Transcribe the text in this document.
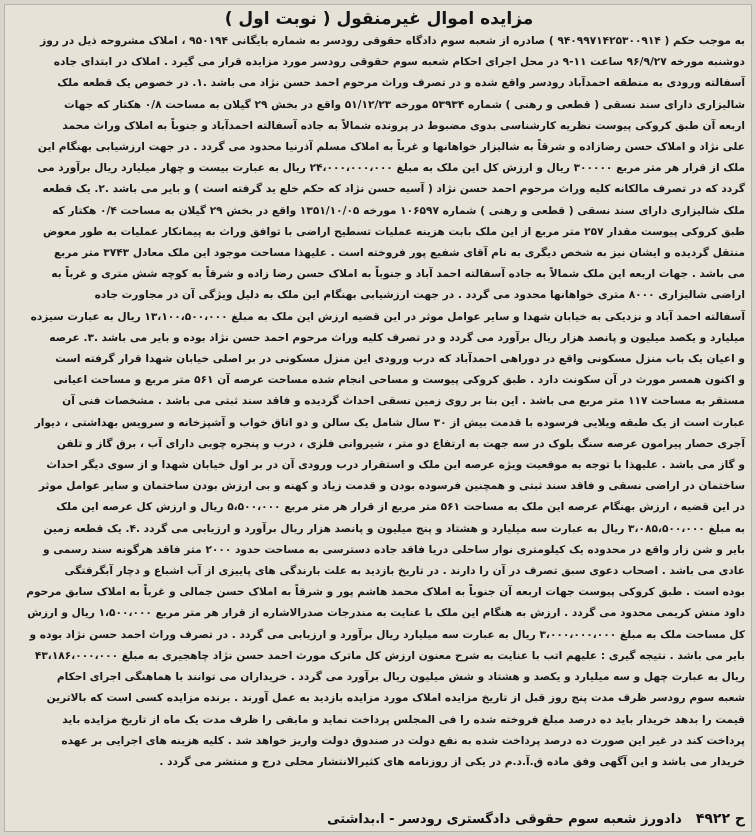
مزایده اموال غیرمنقول ( نوبت اول )
به موجب حکم ( ۹۴۰۹۹۷۱۴۲۵۳۰۰۹۱۴ ) صادره از شعبه سوم دادگاه حقوقی رودسر به شماره بایگانی ۹۵۰۱۹۴ ، املاک مشروحه ذیل در روز
دوشنبه مورخه ۹۶/۹/۲۷ ساعت ۱۱-۹ در محل اجرای احکام شعبه سوم حقوقی رودسر مورد مزایده قرار می گیرد . املاک در ابتدای جاده
آسفالته ورودی به منطقه احمدآباد رودسر واقع شده و در تصرف وراث مرحوم احمد حسن نژاد می باشد .۱. در خصوص یک قطعه ملک
شالیزاری دارای سند نسقی ( قطعی و رهنی ) شماره ۵۳۹۳۴ مورخه ۵۱/۱۲/۲۳ واقع در بخش ۲۹ گیلان به مساحت ۰/۸ هکتار که جهات
اربعه آن طبق کروکی پیوست نظریه کارشناسی بدوی مضبوط در پرونده شمالاً به جاده آسفالته احمدآباد و جنوباً به املاک وراث محمد
علی نژاد و املاک حسن رضازاده و شرقاً به شالیزار خواهانها و غرباً به املاک مسلم آذرنیا محدود می گردد . در جهت ارزشیابی بهنگام این
ملک از قرار هر متر مربع ۳۰۰۰۰۰ ریال و ارزش کل این ملک به مبلغ ۲۴،۰۰۰،۰۰۰،۰۰۰ ریال به عبارت بیست و چهار میلیارد ریال برآورد می
گردد که در تصرف مالکانه کلیه وراث مرحوم احمد حسن نژاد ( آسیه حسن نژاد که حکم خلع ید گرفته است ) و بایر می باشد .۲. یک قطعه
ملک شالیزاری دارای سند نسقی ( قطعی و رهنی ) شماره ۱۰۶۵۹۷ مورخه ۱۳۵۱/۱۰/۰۵ واقع در بخش ۲۹ گیلان به مساحت ۰/۴ هکتار که
طبق کروکی پیوست مقدار ۲۵۷ متر مربع از این ملک بابت هزینه عملیات تسطیح اراضی با توافق وراث به پیمانکار عملیات به طور معوض
منتقل گردیده و ایشان نیز به شخص دیگری به نام آقای شفیع پور فروخته است . علیهذا مساحت موجود این ملک معادل ۳۷۴۳ متر مربع
می باشد . جهات اربعه این ملک شمالاً به جاده آسفالته احمد آباد و جنوباً به املاک حسن رضا زاده و شرقاً به کوچه شش متری و غرباً به
اراضی شالیزاری ۸۰۰۰ متری خواهانها محدود می گردد . در جهت ارزشیابی بهنگام این ملک به دلیل ویژگی آن در مجاورت جاده
آسفالته احمد آباد و نزدیکی به خیابان شهدا و سایر عوامل موثر در این قضیه ارزش این ملک به مبلغ ۱۳،۱۰۰،۵۰۰،۰۰۰ ریال به عبارت سیزده
میلیارد و یکصد میلیون و پانصد هزار ریال برآورد می گردد و در تصرف کلیه وراث مرحوم احمد حسن نژاد بوده و بایر می باشد .۳. عرصه
و اعیان یک باب منزل مسکونی واقع در دوراهی احمدآباد که درب ورودی این منزل مسکونی در بر اصلی خیابان شهدا قرار گرفته است
و اکنون همسر مورث در آن سکونت دارد . طبق کروکی پیوست و مساحی انجام شده مساحت عرصه آن ۵۶۱ متر مربع و مساحت اعیانی
مستقر به مساحت ۱۱۷ متر مربع می باشد . این بنا بر روی زمین نسقی احداث گردیده و فاقد سند ثبتی می باشد . مشخصات فنی آن
عبارت است از یک طبقه ویلایی فرسوده با قدمت بیش از ۳۰ سال شامل یک سالن و دو اتاق خواب و آشپزخانه و سرویس بهداشتی ، دیوار
آجری حصار پیرامون عرصه سنگ بلوک در سه جهت به ارتفاع دو متر ، شیروانی فلزی ، درب و پنجره چوبی دارای آب ، برق گاز و تلفن
و گاز می باشد . علیهذا با توجه به موقعیت ویژه عرصه این ملک و استقرار درب ورودی آن در بر اول خیابان شهدا و از سوی دیگر احداث
ساختمان در اراضی نسقی و فاقد سند ثبتی و همچنین فرسوده بودن و قدمت زیاد و کهنه و بی ارزش بودن ساختمان و سایر عوامل موثر
در این قضیه ، ارزش بهنگام عرصه این ملک به مساحت ۵۶۱ متر مربع از قرار هر متر مربع ۵،۵۰۰،۰۰۰ ریال و ارزش کل عرصه این ملک
به مبلغ ۳،۰۸۵،۵۰۰،۰۰۰ ریال به عبارت سه میلیارد و هشتاد و پنج میلیون و پانصد هزار ریال برآورد و ارزیابی می گردد .۴. یک قطعه زمین
بایر و شن زار واقع در محدوده یک کیلومتری نوار ساحلی دریا فاقد جاده دسترسی به مساحت حدود ۲۰۰۰ متر فاقد هرگونه سند رسمی و
عادی می باشد . اصحاب دعوی سبق تصرف در آن را دارند . در تاریخ بازدید به علت بارندگی های پاییزی از آب اشباع و دچار آبگرفتگی
بوده است . طبق کروکی پیوست جهات اربعه آن جنوباً به املاک محمد هاشم پور و شرقاً به املاک حسن جمالی و غرباً به املاک سابق مرحوم
داود منش کریمی محدود می گردد . ارزش به هنگام این ملک با عنایت به مندرجات صدرالاشاره از قرار هر متر مربع ۱،۵۰۰،۰۰۰ ریال و ارزش
کل مساحت ملک به مبلغ ۳،۰۰۰،۰۰۰،۰۰۰ ریال به عبارت سه میلیارد ریال برآورد و ارزیابی می گردد . در تصرف وراث احمد حسن نژاد بوده و
بایر می باشد . نتیجه گیری : علیهم اتب با عنایت به شرح معنون ارزش کل ماترک مورث احمد حسن نژاد چاهجیری به مبلغ ۴۳،۱۸۶،۰۰۰،۰۰۰
ریال به عبارت چهل و سه میلیارد و یکصد و هشتاد و شش میلیون ریال برآورد می گردد . خریداران می توانند با هماهنگی اجرای احکام
شعبه سوم رودسر ظرف مدت پنج روز قبل از تاریخ مزایده املاک مورد مزایده بازدید به عمل آورند . برنده مزایده کسی است که بالاترین
قیمت را بدهد خریدار باید ده درصد مبلغ فروخته شده را فی المجلس پرداخت نماید و مابقی را ظرف مدت یک ماه از تاریخ مزایده باید
پرداخت کند در غیر این صورت ده درصد پرداخت شده به نفع دولت در صندوق دولت واریز خواهد شد . کلیه هزینه های اجرایی بر عهده
خریدار می باشد و این آگهی وفق ماده ق.آ.د.م در یکی از روزنامه های کثیرالانتشار محلی درج و منتشر می گردد .
ح ۴۹۲۲
دادورز شعبه سوم حقوقی دادگستری رودسر - ا.بداشتی
